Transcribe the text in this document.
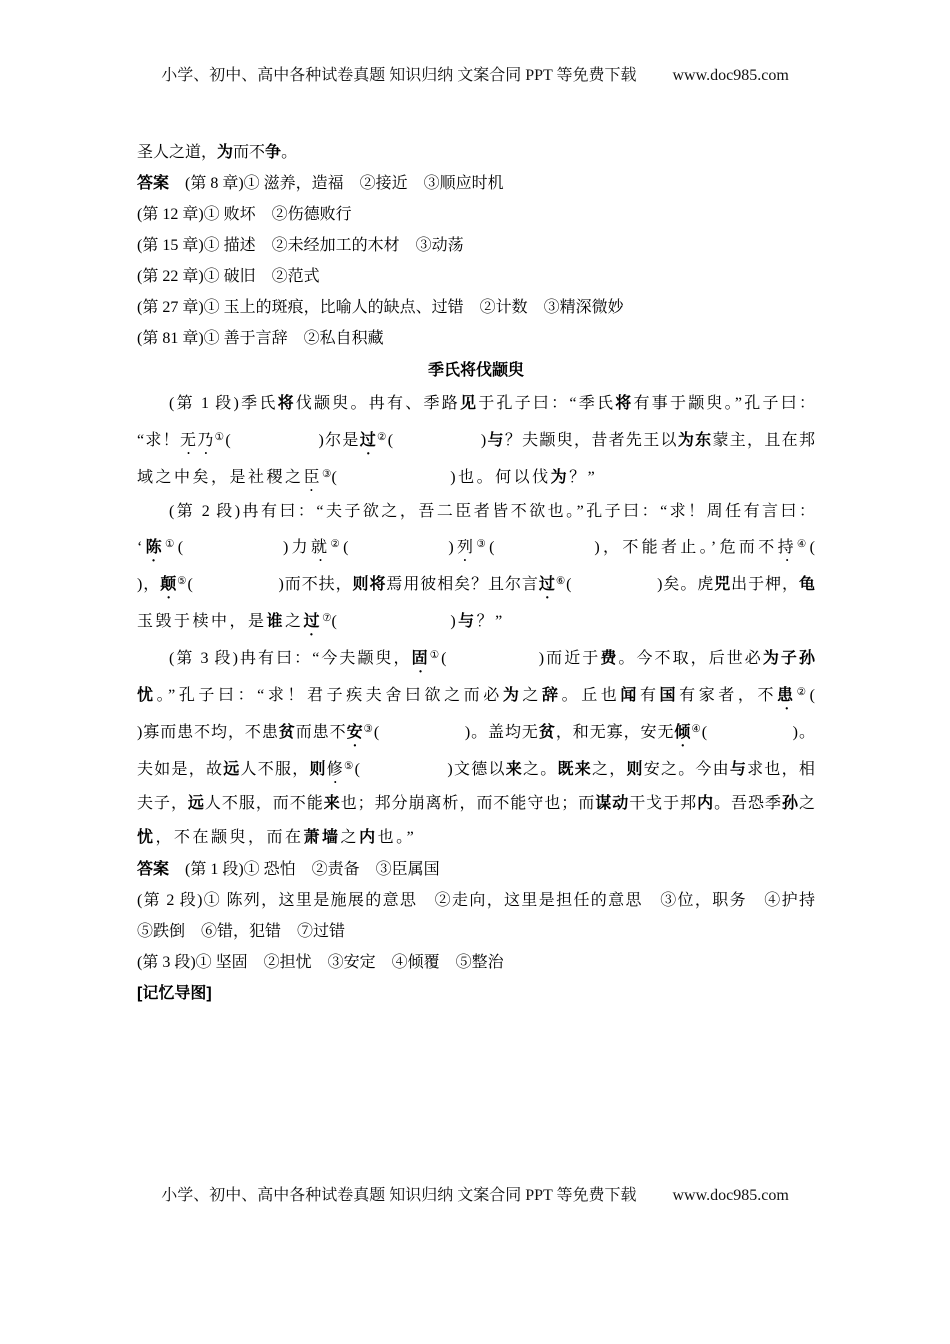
小学、初中、高中各种试卷真题 知识归纳 文案合同 PPT 等免费下载 www.doc985.com
圣人之道，为而不争。
答案　(第 8 章)① 滋养，造福　②接近　③顺应时机
(第 12 章)① 败坏　②伤德败行
(第 15 章)① 描述　②未经加工的木材　③动荡
(第 22 章)① 破旧　②范式
(第 27 章)① 玉上的斑痕，比喻人的缺点、过错　②计数　③精深微妙
(第 81 章)① 善于言辞　②私自积藏
季氏将伐颛臾
(第 1 段)季氏将伐颛臾。冉有、季路见于孔子曰：“季氏将有事于颛臾。”孔子曰：
“求！无乃①(　　　　　)尔是过②(　　　　　)与？夫颛臾，昔者先王以为东蒙主，且在邦
域之中矣，是社稷之臣③(　　　　　　)也。何以伐为？”
(第 2 段)冉有曰：“夫子欲之，吾二臣者皆不欲也。”孔子曰：“求！周任有言曰：
‘陈①(　　　　　)力就②(　　　　　)列③(　　　　　)，不能者止。’危而不持④(
)，颠⑤(　　　　　)而不扶，则将焉用彼相矣？且尔言过⑥(　　　　　)矣。虎兕出于柙，龟
玉毁于椟中，是谁之过⑦(　　　　　　)与？”
(第 3 段)冉有曰：“今夫颛臾，固①(　　　　　)而近于费。今不取，后世必为子孙
忧。”孔子曰：“求！君子疾夫舍曰欲之而必为之辞。丘也闻有国有家者，不患②(
)寡而患不均，不患贫而患不安③(　　　　　)。盖均无贫，和无寡，安无倾④(　　　　　)。
夫如是，故远人不服，则修⑤(　　　　　)文德以来之。既来之，则安之。今由与求也，相
夫子，远人不服，而不能来也；邦分崩离析，而不能守也；而谋动干戈于邦内。吾恐季孙之
忧，不在颛臾，而在萧墙之内也。”
答案　(第 1 段)① 恐怕　②责备　③臣属国
(第 2 段)① 陈列，这里是施展的意思　②走向，这里是担任的意思　③位，职务　④护持
⑤跌倒　⑥错，犯错　⑦过错
(第 3 段)① 坚固　②担忧　③安定　④倾覆　⑤整治
[记忆导图]
小学、初中、高中各种试卷真题 知识归纳 文案合同 PPT 等免费下载 www.doc985.com
